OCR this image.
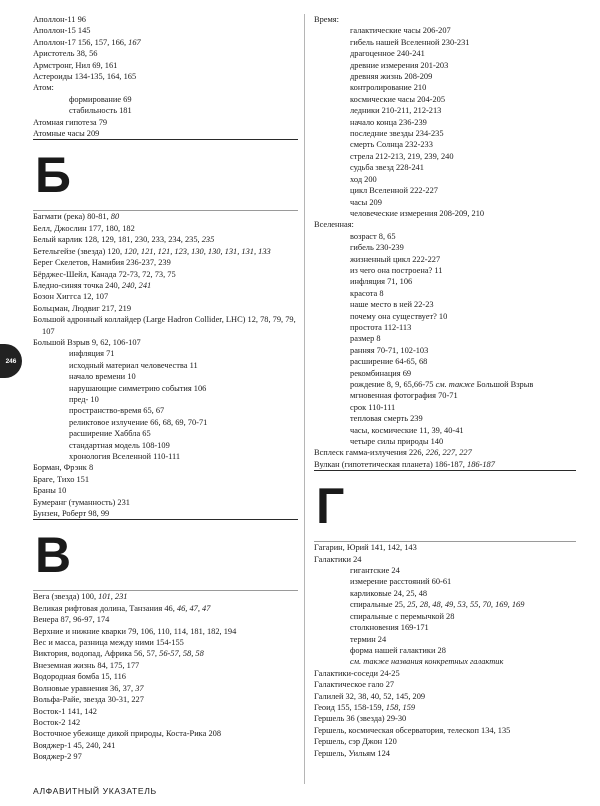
Аполлон-11 96
Аполлон-15 145
Аполлон-17 156, 157, 166, 167
Аристотель 38, 56
Армстронг, Нил 69, 161
Астероиды 134-135, 164, 165
Атом:
формирование 69
стабильность 181
Атомная гипотеза 79
Атомные часы 209
Б
Багмати (река) 80-81, 80
Белл, Джослин 177, 180, 182
Белый карлик 128, 129, 181, 230, 233, 234, 235, 235
Бетельгейзе (звезда) 120, 120, 121, 121, 123, 130, 130, 131, 131, 133
Берег Скелетов, Намибия 236-237, 239
Бёрджес-Шейл, Канада 72-73, 72, 73, 75
Бледно-синяя точка 240, 240, 241
Бозон Хиггса 12, 107
Больцман, Людвиг 217, 219
Большой адронный коллайдер (Large Hadron Collider, LHC) 12, 78, 79, 79, 107
Большой Взрыв 9, 62, 106-107
инфляция 71
исходный материал человечества 11
начало времени 10
нарушающие симметрию события 106
пред- 10
пространство-время 65, 67
реликтовое излучение 66, 68, 69, 70-71
расширение Хаббла 65
стандартная модель 108-109
хронология Вселенной 110-111
Борман, Фрэнк 8
Браге, Тихо 151
Браны 10
Бумеранг (туманность) 231
Бунзен, Роберт 98, 99
В
Вега (звезда) 100, 101, 231
Великая рифтовая долина, Танзания 46, 46, 47, 47
Венера 87, 96-97, 174
Верхние и нижние кварки 79, 106, 110, 114, 181, 182, 194
Вес и масса, разница между ними 154-155
Виктория, водопад, Африка 56, 57, 56-57, 58, 58
Внеземная жизнь 84, 175, 177
Водородная бомба 15, 116
Волновые уравнения 36, 37, 37
Вольфа-Райе, звезда 30-31, 227
Восток-1 141, 142
Восток-2 142
Восточное убежище дикой природы, Коста-Рика 208
Вояджер-1 45, 240, 241
Вояджер-2 97
Время:
галактические часы 206-207
гибель нашей Вселенной 230-231
драгоценное 240-241
древние измерения 201-203
древняя жизнь 208-209
контролирование 210
космические часы 204-205
ледники 210-211, 212-213
начало конца 236-239
последние звезды 234-235
смерть Солнца 232-233
стрела 212-213, 219, 239, 240
судьба звезд 228-241
ход 200
цикл Вселенной 222-227
часы 209
человеческие измерения 208-209, 210
Вселенная:
возраст 8, 65
гибель 230-239
жизненный цикл 222-227
из чего она построена? 11
инфляция 71, 106
красота 8
наше место в ней 22-23
почему она существует? 10
простота 112-113
размер 8
ранняя 70-71, 102-103
расширение 64-65, 68
рекомбинация 69
рождение 8, 9, 65,66-75 см. также Большой Взрыв
мгновенная фотография 70-71
срок 110-111
тепловая смерть 239
часы, космические 11, 39, 40-41
четыре силы природы 140
Всплеск гамма-излучения 226, 226, 227, 227
Вулкан (гипотетическая планета) 186-187, 186-187
Г
Гагарин, Юрий 141, 142, 143
Галактики 24
гигантские 24
измерение расстояний 60-61
карликовые 24, 25, 48
спиральные 25, 25, 28, 48, 49, 53, 55, 70, 169, 169
спиральные с перемычкой 28
столкновения 169-171
термин 24
форма нашей галактики 28
см. также названия конкретных галактик
Галактики-соседи 24-25
Галактическое гало 27
Галилей 32, 38, 40, 52, 145, 209
Геоид 155, 158-159, 158, 159
Гершель 36 (звезда) 29-30
Гершель, космическая обсерватория, телескоп 134, 135
Гершель, сэр Джон 120
Гершель, Уильям 124
246
АЛФАВИТНЫЙ УКАЗАТЕЛЬ
